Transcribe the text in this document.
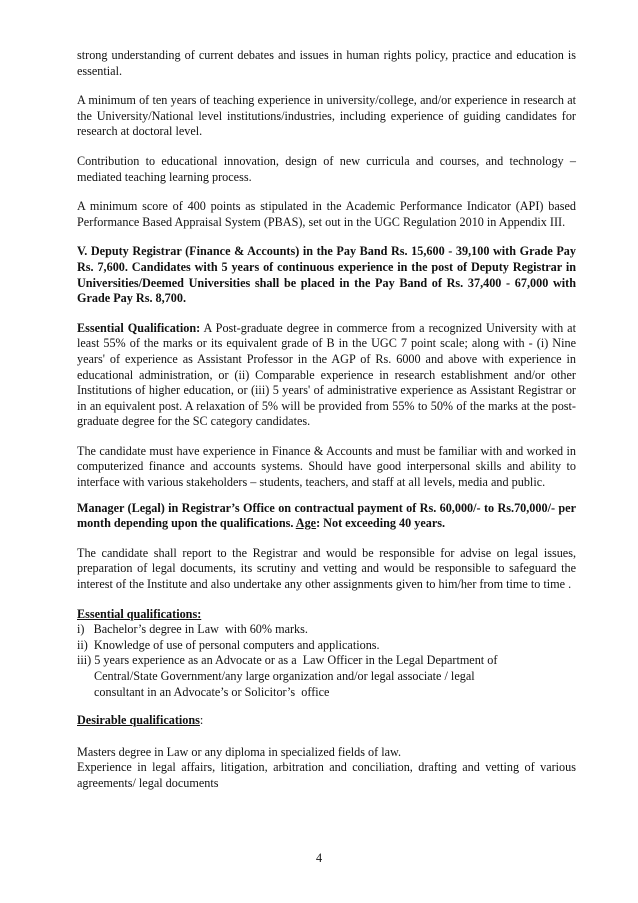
strong understanding of current debates and issues in human rights policy, practice and education is essential.

A minimum of ten years of teaching experience in university/college, and/or experience in research at the University/National level institutions/industries, including experience of guiding candidates for research at doctoral level.

Contribution to educational innovation, design of new curricula and courses, and technology – mediated teaching learning process.

A minimum score of 400 points as stipulated in the Academic Performance Indicator (API) based Performance Based Appraisal System (PBAS), set out in the UGC Regulation 2010 in Appendix III.

V. Deputy Registrar (Finance & Accounts) in the Pay Band Rs. 15,600 - 39,100 with Grade Pay Rs. 7,600. Candidates with 5 years of continuous experience in the post of Deputy Registrar in Universities/Deemed Universities shall be placed in the Pay Band of Rs. 37,400 - 67,000 with Grade Pay Rs. 8,700.

Essential Qualification: A Post-graduate degree in commerce from a recognized University with at least 55% of the marks or its equivalent grade of B in the UGC 7 point scale; along with - (i) Nine years' of experience as Assistant Professor in the AGP of Rs. 6000 and above with experience in educational administration, or (ii) Comparable experience in research establishment and/or other Institutions of higher education, or (iii) 5 years' of administrative experience as Assistant Registrar or in an equivalent post. A relaxation of 5% will be provided from 55% to 50% of the marks at the post-graduate degree for the SC category candidates.

The candidate must have experience in Finance & Accounts and must be familiar with and worked in computerized finance and accounts systems. Should have good interpersonal skills and ability to interface with various stakeholders – students, teachers, and staff at all levels, media and public.

Manager (Legal) in Registrar’s Office on contractual payment of Rs. 60,000/- to Rs.70,000/- per month depending upon the qualifications. Age: Not exceeding 40 years.

The candidate shall report to the Registrar and would be responsible for advise on legal issues, preparation of legal documents, its scrutiny and vetting and would be responsible to safeguard the interest of the Institute and also undertake any other assignments given to him/her from time to time .

Essential qualifications:

i)   Bachelor’s degree in Law  with 60% marks.
ii)  Knowledge of use of personal computers and applications.
iii) 5 years experience as an Advocate or as a  Law Officer in the Legal Department of
Central/State Government/any large organization and/or legal associate / legal
consultant in an Advocate’s or Solicitor’s  office

Desirable qualifications:

Masters degree in Law or any diploma in specialized fields of law.
Experience in legal affairs, litigation, arbitration and conciliation, drafting and vetting of various agreements/ legal documents

4
